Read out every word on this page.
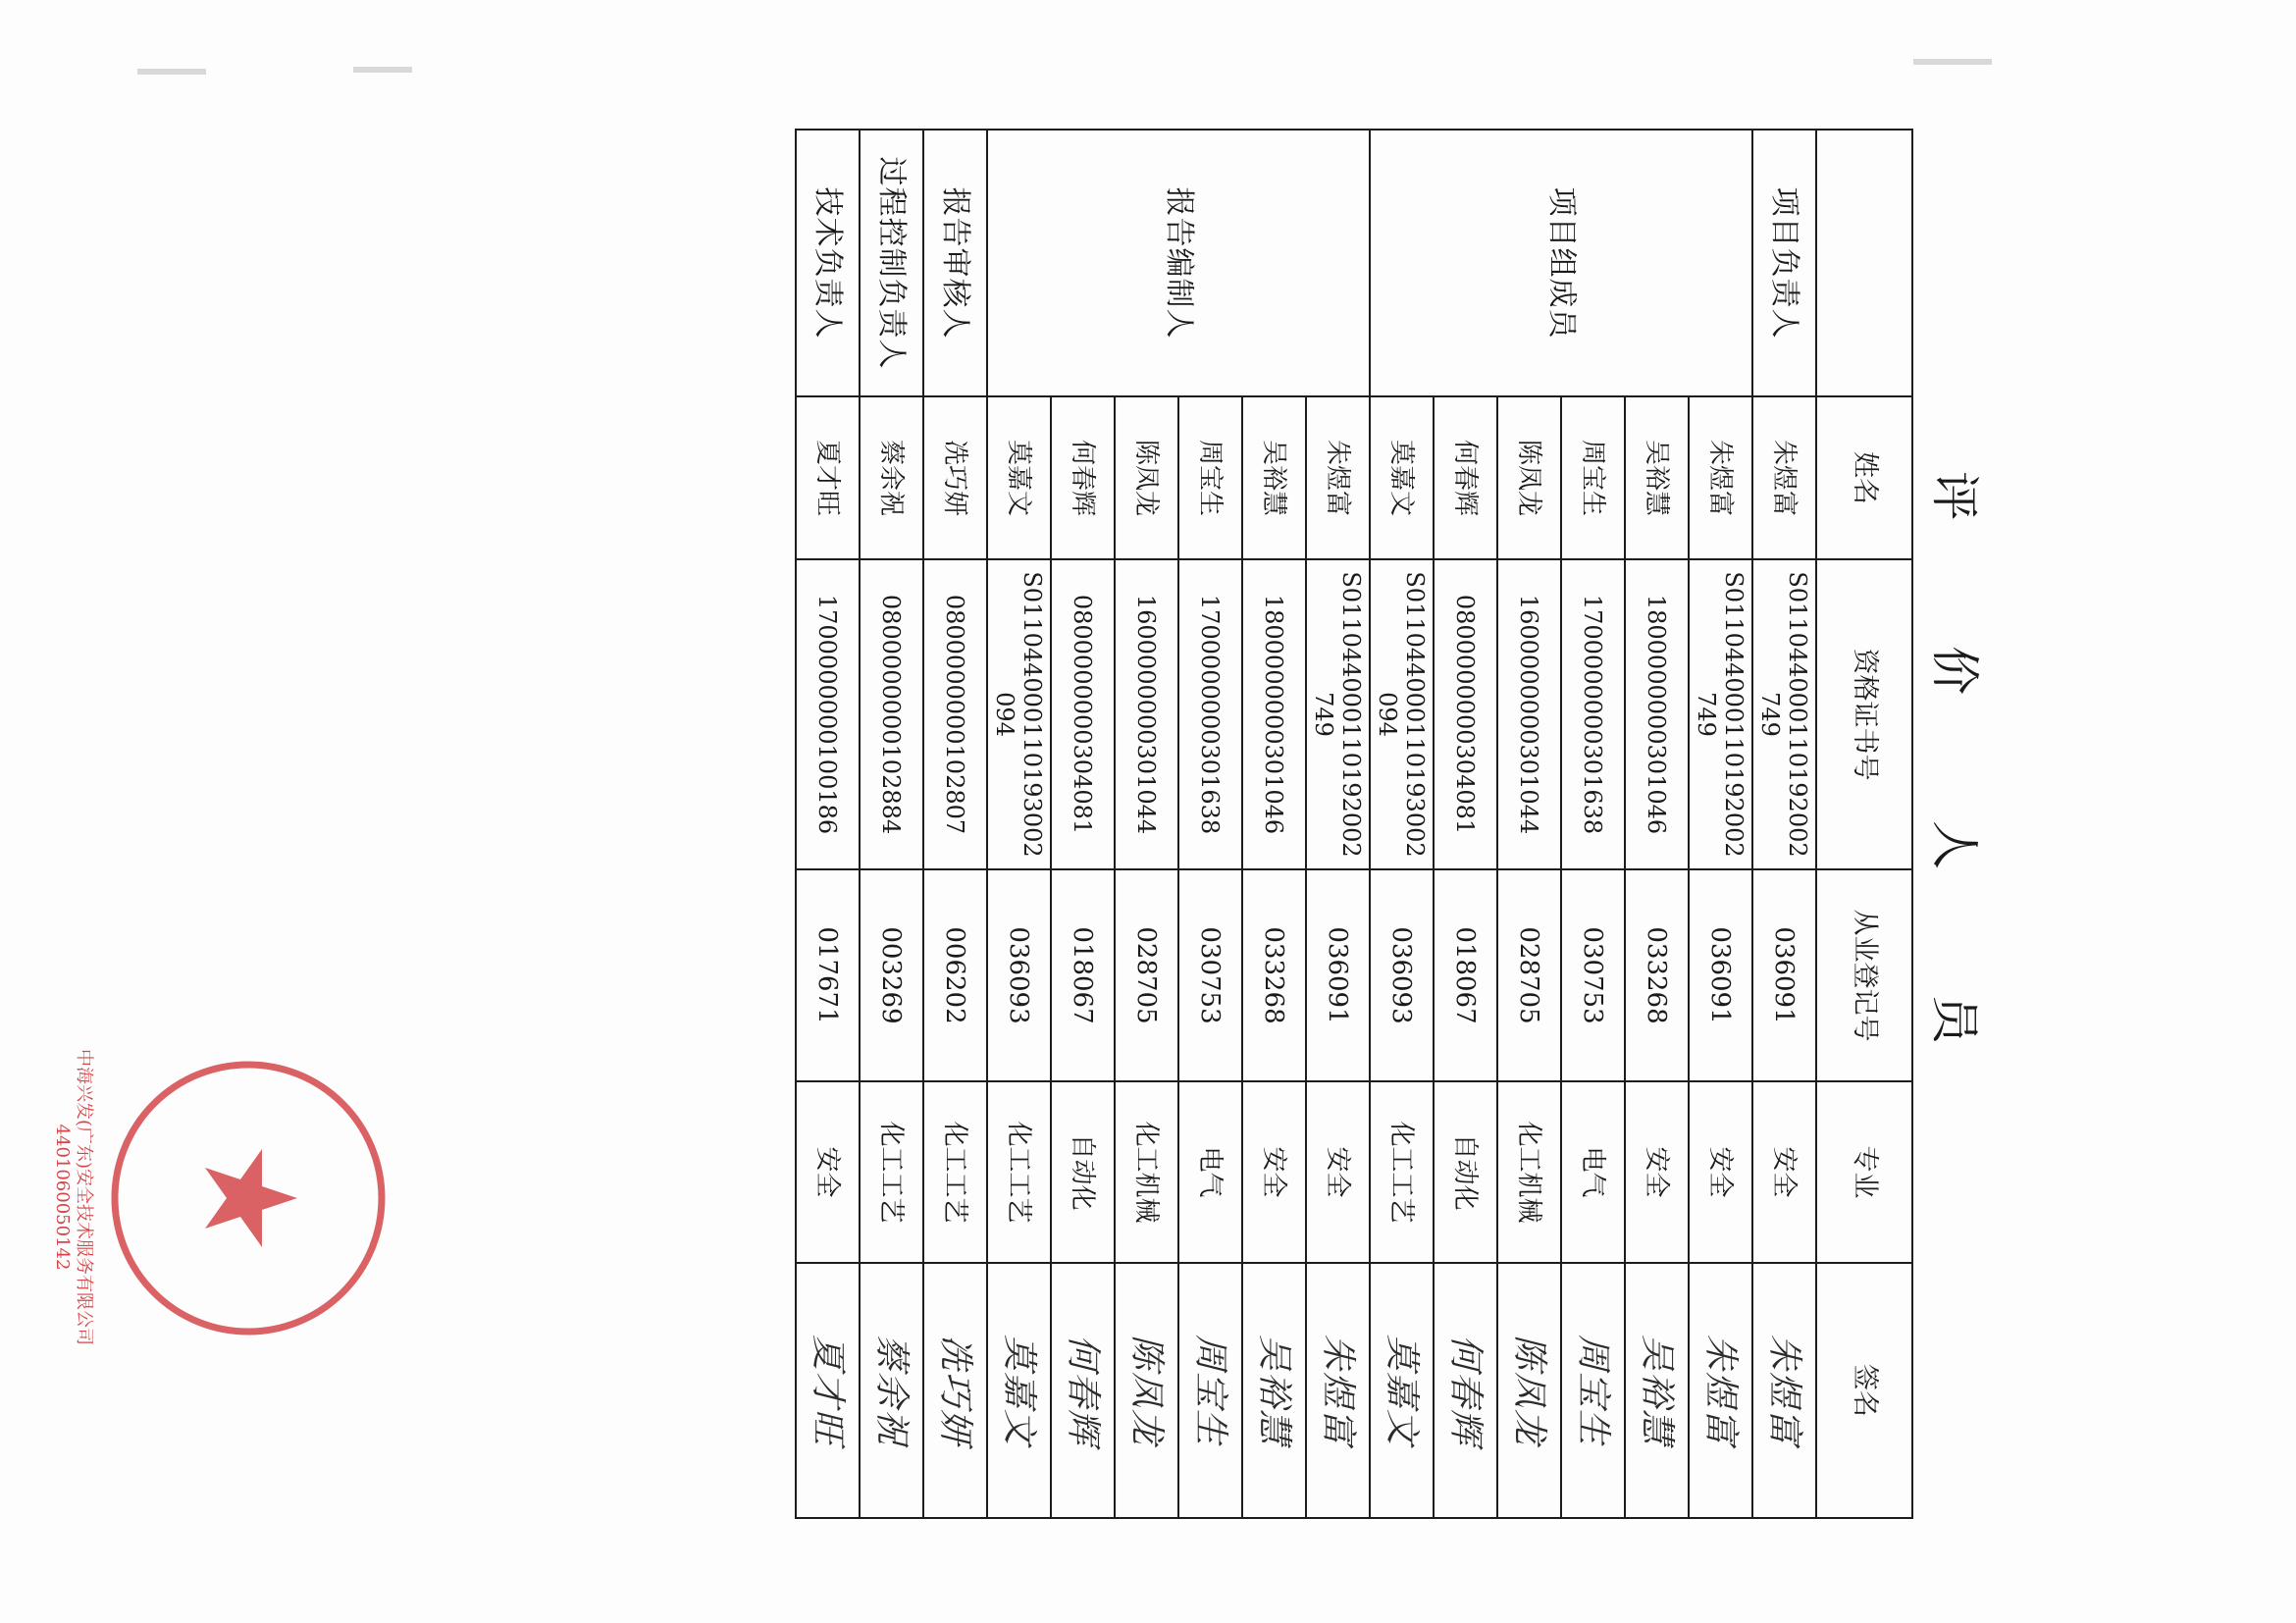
评 价 人 员
	姓名	资格证书号	从业登记号	专业	签名
项目负责人	朱煜富	S011044000110192002749	036091	安全	朱煜富
项目组成员	朱煜富	S011044000110192002749	036091	安全	朱煜富
	吴裕慧	1800000000301046	033268	安全	吴裕慧
	周宝生	1700000000301638	030753	电气	周宝生
	陈凤龙	1600000000301044	028705	化工机械	陈凤龙
	何春辉	0800000000304081	018067	自动化	何春辉
	莫嘉文	S011044000110193002094	036093	化工工艺	莫嘉文
报告编制人	朱煜富	S011044000110192002749	036091	安全	朱煜富
	吴裕慧	1800000000301046	033268	安全	吴裕慧
	周宝生	1700000000301638	030753	电气	周宝生
	陈凤龙	1600000000301044	028705	化工机械	陈凤龙
	何春辉	0800000000304081	018067	自动化	何春辉
	莫嘉文	S011044000110193002094	036093	化工工艺	莫嘉文
报告审核人	冼巧妍	0800000000102807	006202	化工工艺	冼巧妍
过程控制负责人	蔡余祝	0800000000102884	003269	化工工艺	蔡余祝
技术负责人	夏才旺	1700000000100186	017671	安全	夏才旺
中海兴发(广东)安全技术服务有限公司 4401060050142
